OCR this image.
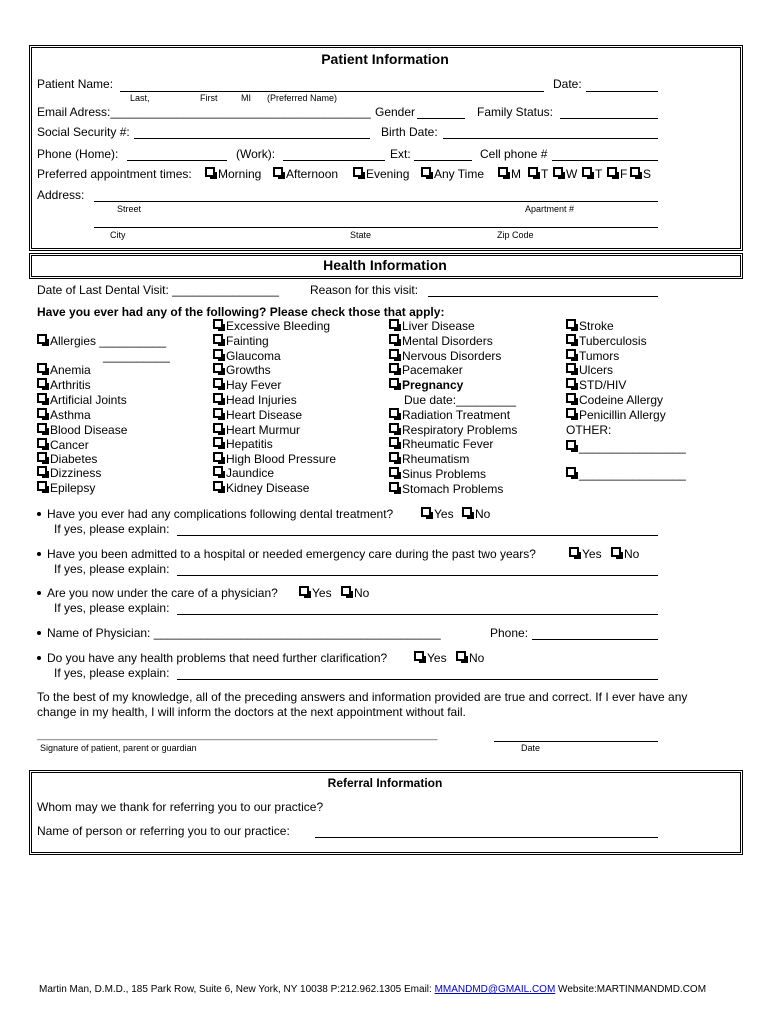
Patient Information
Patient Name:	Date:
Last,	First	MI (Preferred Name)
Email Adress:_______________________________________ Gender	Family Status:
Social Security #:	Birth Date:
Phone (Home):	(Work):	Ext:	Cell phone #
Preferred appointment times:	Morning	Afternoon	Evening	Any Time	M	T	W	T	F	S
Address:
Street	Apartment #
City	State	Zip Code
Health Information
Date of Last Dental Visit: ________________	Reason for this visit:
Have you ever had any of the following? Please check those that apply:
Allergies __________
__________
Anemia
Arthritis
Artificial Joints
Asthma
Blood Disease
Cancer
Diabetes
Dizziness
Epilepsy
Excessive Bleeding
Fainting
Glaucoma
Growths
Hay Fever
Head Injuries
Heart Disease
Heart Murmur
Hepatitis
High Blood Pressure
Jaundice
Kidney Disease
Liver Disease
Mental Disorders
Nervous Disorders
Pacemaker
Pregnancy
Due date:_________
Radiation Treatment
Respiratory Problems
Rheumatic Fever
Rheumatism
Sinus Problems
Stomach Problems
Stroke
Tuberculosis
Tumors
Ulcers
STD/HIV
Codeine Allergy
Penicillin Allergy
OTHER:
________________
________________
Have you ever had any complications following dental treatment?	Yes	No
If yes, please explain:
Have you been admitted to a hospital or needed emergency care during the past two years?	Yes	No
If yes, please explain:
Are you now under the care of a physician?	Yes	No
If yes, please explain:
Name of Physician: ___________________________________________	Phone:
Do you have any health problems that need further clarification?	Yes	No
If yes, please explain:
To the best of my knowledge, all of the preceding answers and information provided are true and correct. If I ever have any
change in my health, I will inform the doctors at the next appointment without fail.
________________________________________________________________________
Signature of patient, parent or guardian	Date
Referral Information
Whom may we thank for referring you to our practice?
Name of person or referring you to our practice:
Martin Man, D.M.D., 185 Park Row, Suite 6, New York, NY 10038 P:212.962.1305 Email: MMANDMD@GMAIL.COM Website:MARTINMANDMD.COM
